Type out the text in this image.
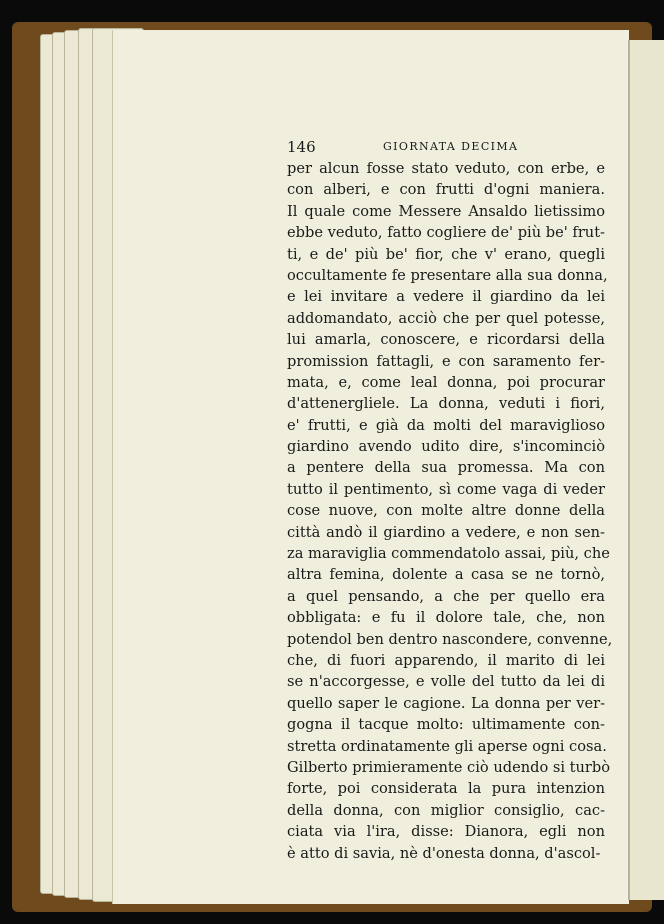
146	GIORNATA DECIMA
per alcun fosse stato veduto, con erbe, e
con alberi, e con frutti d'ogni maniera.
Il quale come Messere Ansaldo lietissimo
ebbe veduto, fatto cogliere de' più be' frut-
ti, e de' più be' fior, che v' erano, quegli
occultamente fe presentare alla sua donna,
e lei invitare a vedere il giardino da lei
addomandato, acciò che per quel potesse,
lui amarla, conoscere, e ricordarsi della
promission fattagli, e con saramento fer-
mata, e, come leal donna, poi procurar
d'attenergliele. La donna, veduti i fiori,
e' frutti, e già da molti del maraviglioso
giardino avendo udito dire, s'incominciò
a pentere della sua promessa. Ma con
tutto il pentimento, sì come vaga di veder
cose nuove, con molte altre donne della
città andò il giardino a vedere, e non sen-
za maraviglia commendatolo assai, più, che
altra femina, dolente a casa se ne tornò,
a quel pensando, a che per quello era
obbligata: e fu il dolore tale, che, non
potendol ben dentro nascondere, convenne,
che, di fuori apparendo, il marito di lei
se n'accorgesse, e volle del tutto da lei di
quello saper le cagione. La donna per ver-
gogna il tacque molto: ultimamente con-
stretta ordinatamente gli aperse ogni cosa.
Gilberto primieramente ciò udendo si turbò
forte, poi considerata la pura intenzion
della donna, con miglior consiglio, cac-
ciata via l'ira, disse: Dianora, egli non
è atto di savia, nè d'onesta donna, d'ascol-
